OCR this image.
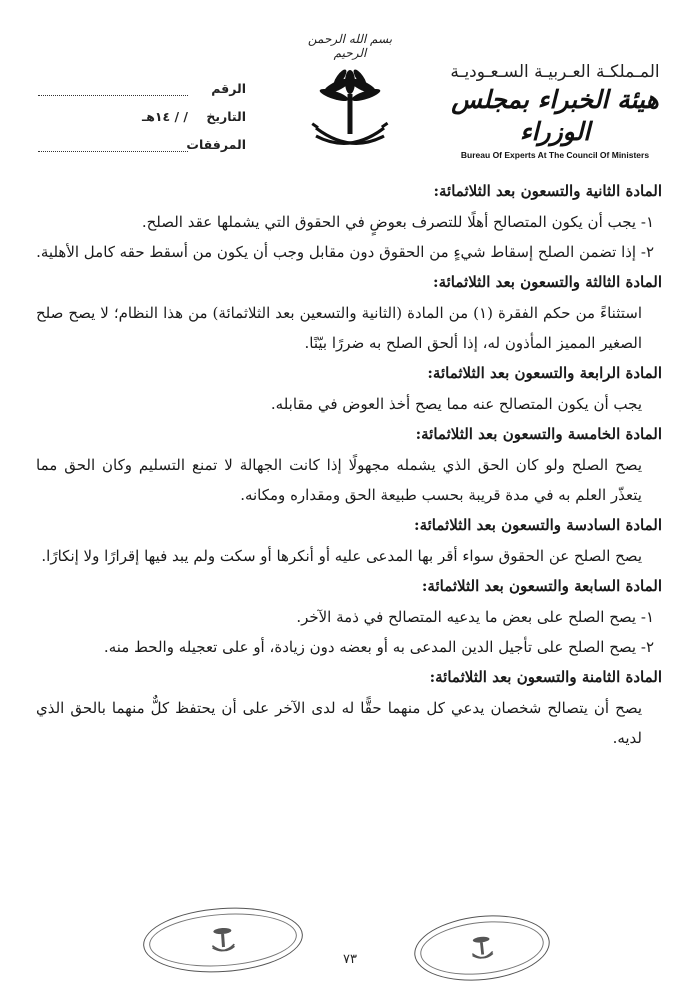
المـملكـة العـربيـة السـعـوديـة
هيئة الخبراء بمجلس الوزراء
Bureau Of Experts At The Council Of Ministers
بسم الله الرحمن الرحيم
الرقم
التاريخ
/ / ١٤هـ
المرفقات
المادة الثانية والتسعون بعد الثلاثمائة:

١- يجب أن يكون المتصالح أهلًا للتصرف بعوضٍ في الحقوق التي يشملها عقد الصلح.

٢- إذا تضمن الصلح إسقاط شيءٍ من الحقوق دون مقابل وجب أن يكون من أسقط حقه كامل الأهلية.

المادة الثالثة والتسعون بعد الثلاثمائة:

استثناءً من حكم الفقرة (١) من المادة (الثانية والتسعين بعد الثلاثمائة) من هذا النظام؛ لا يصح صلح الصغير المميز المأذون له، إذا ألحق الصلح به ضررًا بيّنًا.

المادة الرابعة والتسعون بعد الثلاثمائة:

يجب أن يكون المتصالح عنه مما يصح أخذ العوض في مقابله.

المادة الخامسة والتسعون بعد الثلاثمائة:

يصح الصلح ولو كان الحق الذي يشمله مجهولًا إذا كانت الجهالة لا تمنع التسليم وكان الحق مما يتعذّر العلم به في مدة قريبة بحسب طبيعة الحق ومقداره ومكانه.

المادة السادسة والتسعون بعد الثلاثمائة:

يصح الصلح عن الحقوق سواء أقر بها المدعى عليه أو أنكرها أو سكت ولم يبد فيها إقرارًا ولا إنكارًا.

المادة السابعة والتسعون بعد الثلاثمائة:

١- يصح الصلح على بعض ما يدعيه المتصالح في ذمة الآخر.

٢- يصح الصلح على تأجيل الدين المدعى به أو بعضه دون زيادة، أو على تعجيله والحط منه.

المادة الثامنة والتسعون بعد الثلاثمائة:

يصح أن يتصالح شخصان يدعي كل منهما حقًّا له لدى الآخر على أن يحتفظ كلٌّ منهما بالحق الذي لديه.

٧٣
